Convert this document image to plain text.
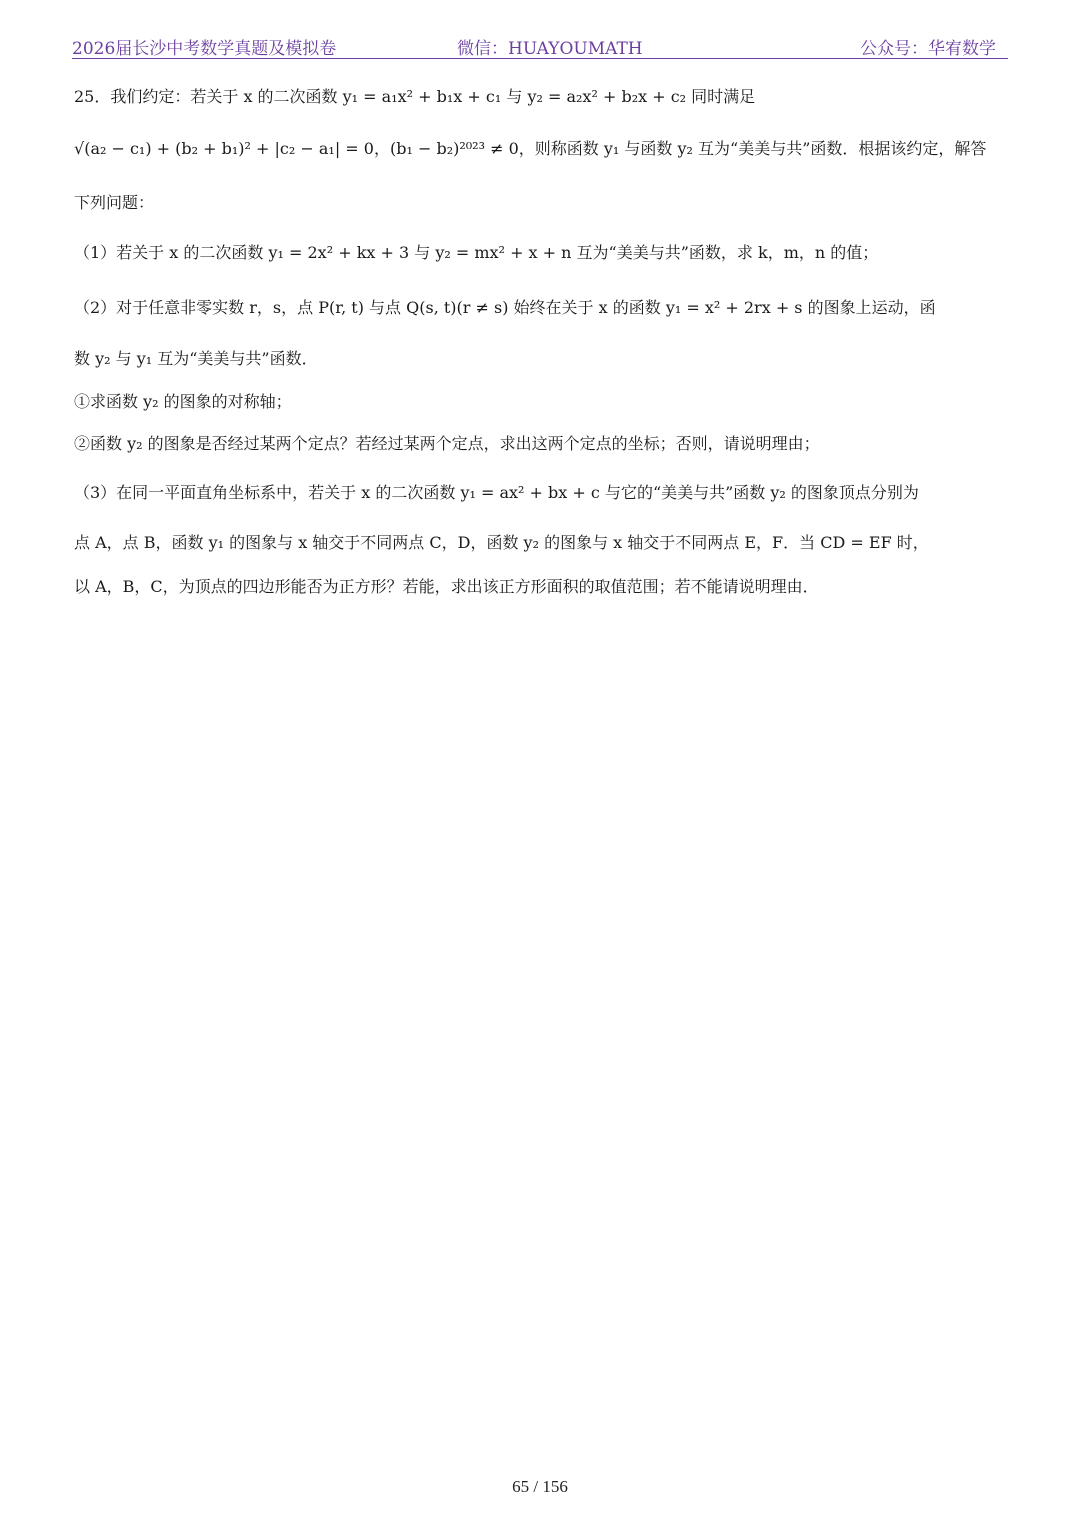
2026届长沙中考数学真题及模拟卷	微信：HUAYOUMATH	公众号：华宥数学
25．我们约定：若关于 x 的二次函数 y₁ = a₁x² + b₁x + c₁ 与 y₂ = a₂x² + b₂x + c₂ 同时满足
√(a₂ − c₁) + (b₂ + b₁)² + |c₂ − a₁| = 0，(b₁ − b₂)²⁰²³ ≠ 0，则称函数 y₁ 与函数 y₂ 互为“美美与共”函数．根据该约定，解答
下列问题：
（1）若关于 x 的二次函数 y₁ = 2x² + kx + 3 与 y₂ = mx² + x + n 互为“美美与共”函数，求 k，m，n 的值；
（2）对于任意非零实数 r，s，点 P(r, t) 与点 Q(s, t)(r ≠ s) 始终在关于 x 的函数 y₁ = x² + 2rx + s 的图象上运动，函
数 y₂ 与 y₁ 互为“美美与共”函数．
①求函数 y₂ 的图象的对称轴；
②函数 y₂ 的图象是否经过某两个定点？若经过某两个定点，求出这两个定点的坐标；否则，请说明理由；
（3）在同一平面直角坐标系中，若关于 x 的二次函数 y₁ = ax² + bx + c 与它的“美美与共”函数 y₂ 的图象顶点分别为
点 A，点 B，函数 y₁ 的图象与 x 轴交于不同两点 C，D，函数 y₂ 的图象与 x 轴交于不同两点 E，F．当 CD = EF 时，
以 A，B，C，为顶点的四边形能否为正方形？若能，求出该正方形面积的取值范围；若不能请说明理由．
65 / 156
